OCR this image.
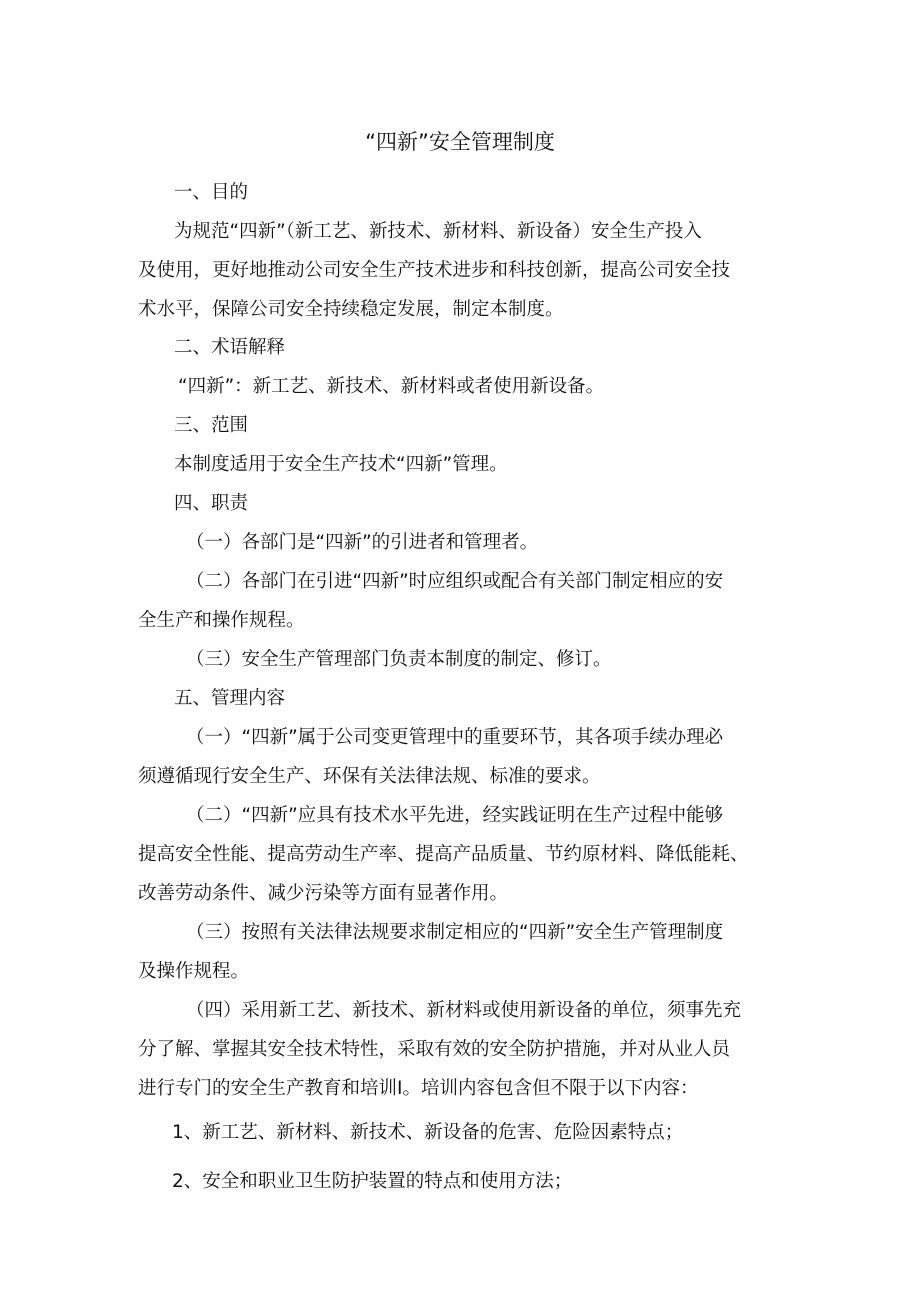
“四新”安全管理制度
一、目的
为规范“四新”（新工艺、新技术、新材料、新设备）安全生产投入
及使用，更好地推动公司安全生产技术进步和科技创新，提高公司安全技
术水平，保障公司安全持续稳定发展，制定本制度。
二、术语解释
“四新”：新工艺、新技术、新材料或者使用新设备。
三、范围
本制度适用于安全生产技术“四新”管理。
四、职责
（一）各部门是“四新”的引进者和管理者。
（二）各部门在引进“四新”时应组织或配合有关部门制定相应的安
全生产和操作规程。
（三）安全生产管理部门负责本制度的制定、修订。
五、管理内容
（一）“四新”属于公司变更管理中的重要环节，其各项手续办理必
须遵循现行安全生产、环保有关法律法规、标准的要求。
（二）“四新”应具有技术水平先进，经实践证明在生产过程中能够
提高安全性能、提高劳动生产率、提高产品质量、节约原材料、降低能耗、
改善劳动条件、减少污染等方面有显著作用。
（三）按照有关法律法规要求制定相应的“四新”安全生产管理制度
及操作规程。
（四）采用新工艺、新技术、新材料或使用新设备的单位，须事先充
分了解、掌握其安全技术特性，采取有效的安全防护措施，并对从业人员
进行专门的安全生产教育和培训I。培训内容包含但不限于以下内容：
1、新工艺、新材料、新技术、新设备的危害、危险因素特点；
2、安全和职业卫生防护装置的特点和使用方法；
